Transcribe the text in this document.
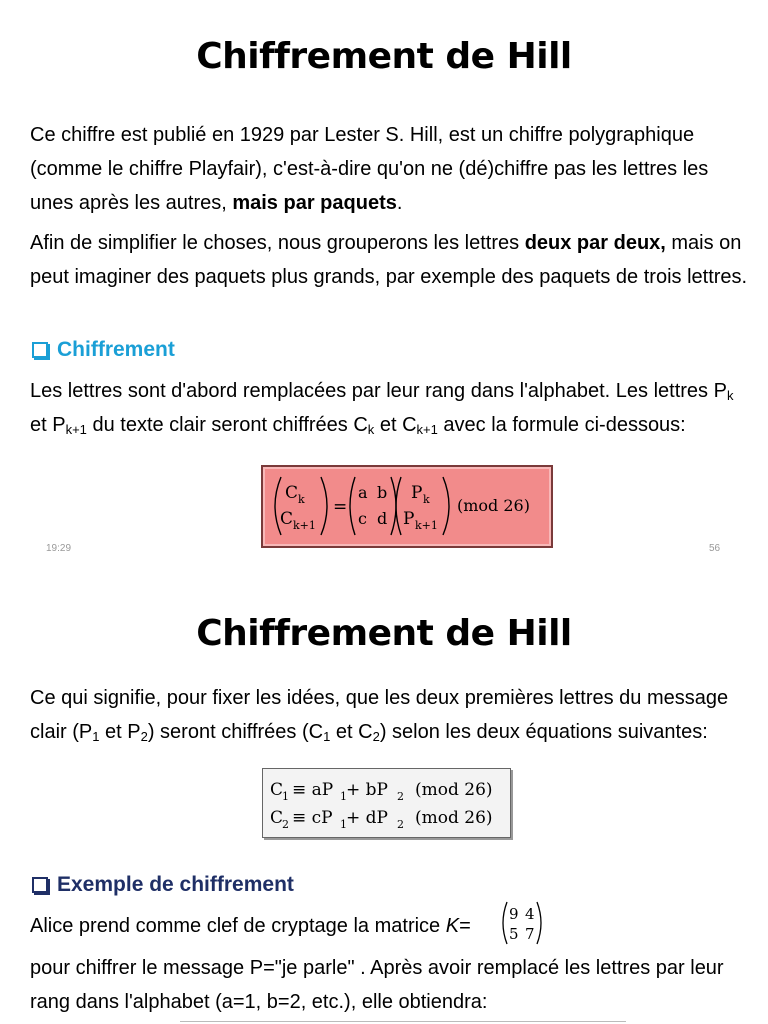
Chiffrement de Hill
Ce chiffre est publié en 1929 par Lester S. Hill, est un chiffre polygraphique (comme le chiffre Playfair), c'est-à-dire qu'on ne (dé)chiffre pas les lettres les unes après les autres, mais par paquets.
Afin de simplifier le choses, nous grouperons les lettres deux par deux, mais on peut imaginer des paquets plus grands, par exemple des paquets de trois lettres.
Chiffrement
Les lettres sont d'abord remplacées par leur rang dans l'alphabet. Les lettres $P_k$ et $P_{k+1}$ du texte clair seront chiffrées $C_k$ et $C_{k+1}$ avec la formule ci-dessous:
C k
C k+1
=
a b
c d
P k
P k+1
(mod 26)
19:29	56
Chiffrement de Hill
Ce qui signifie, pour fixer les idées, que les deux premières lettres du message clair ($P_1$ et $P_2$) seront chiffrées ($C_1$ et $C_2$) selon les deux équations suivantes:
C
1 ≡ aP 1 + bP 2 (mod 26)
C
2 ≡ cP 1 + dP 2 (mod 26)
Exemple de chiffrement
Alice prend comme clef de cryptage la matrice K=
9 4
5 7
pour chiffrer le message P="je parle" . Après avoir remplacé les lettres par leur rang dans l'alphabet (a=1, b=2, etc.), elle obtiendra:
